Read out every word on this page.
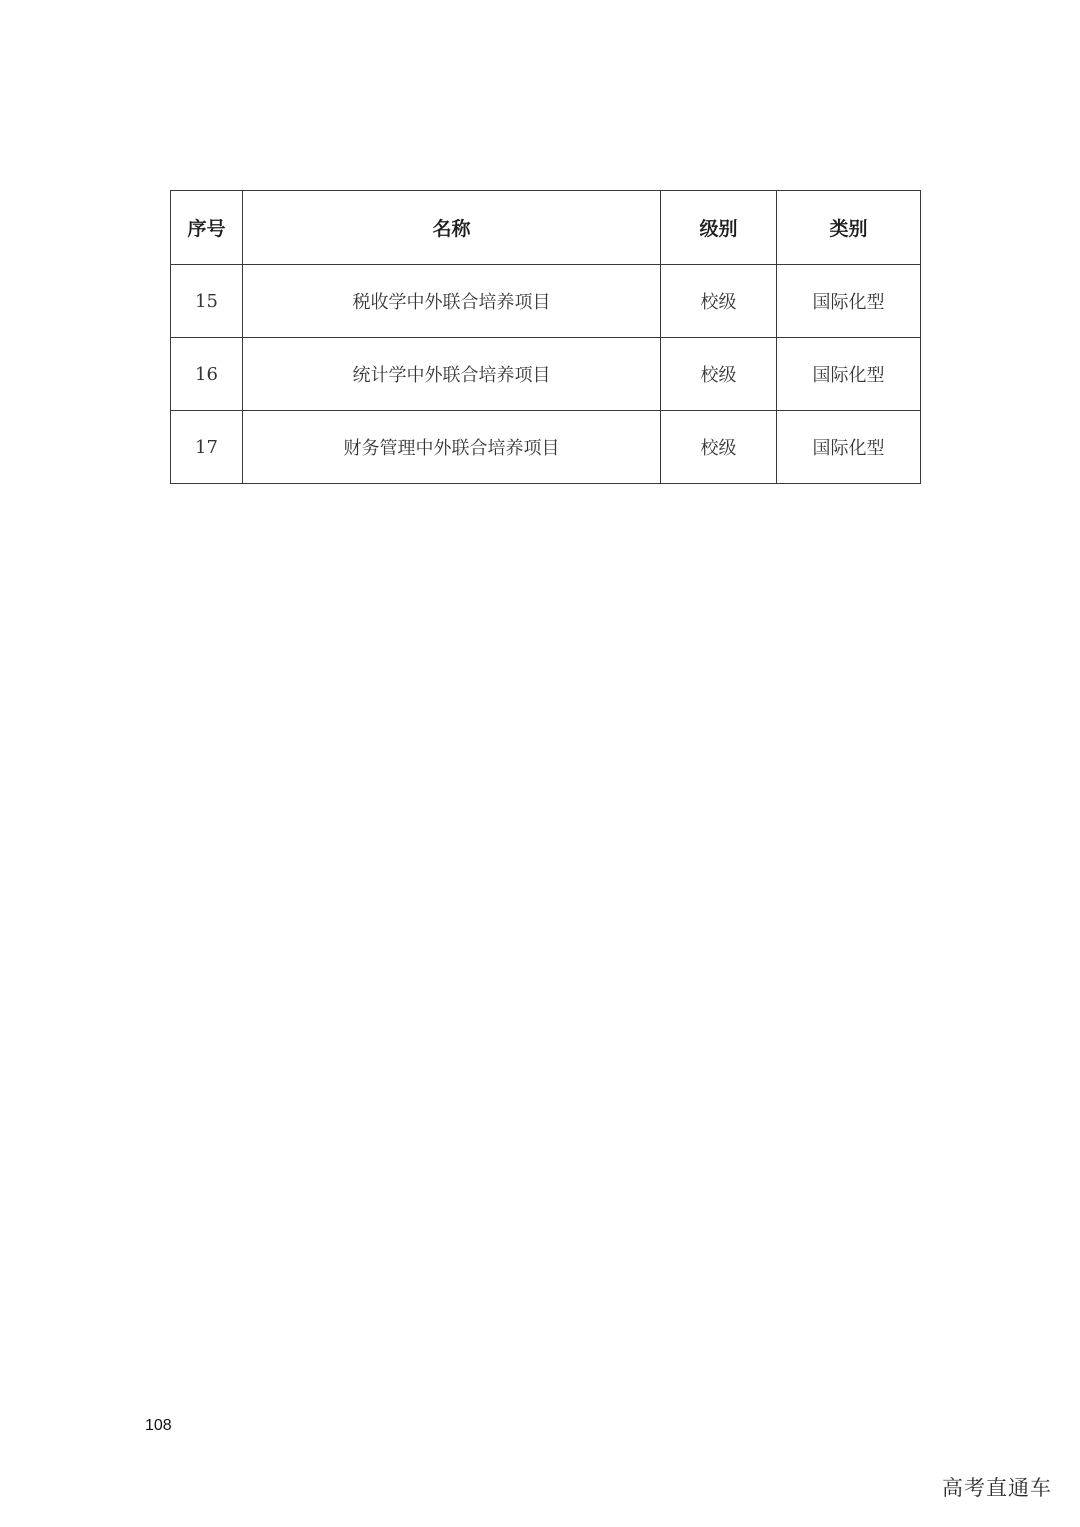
序号	名称	级别	类别
15	税收学中外联合培养项目	校级	国际化型
16	统计学中外联合培养项目	校级	国际化型
17	财务管理中外联合培养项目	校级	国际化型
108
高考直通车
